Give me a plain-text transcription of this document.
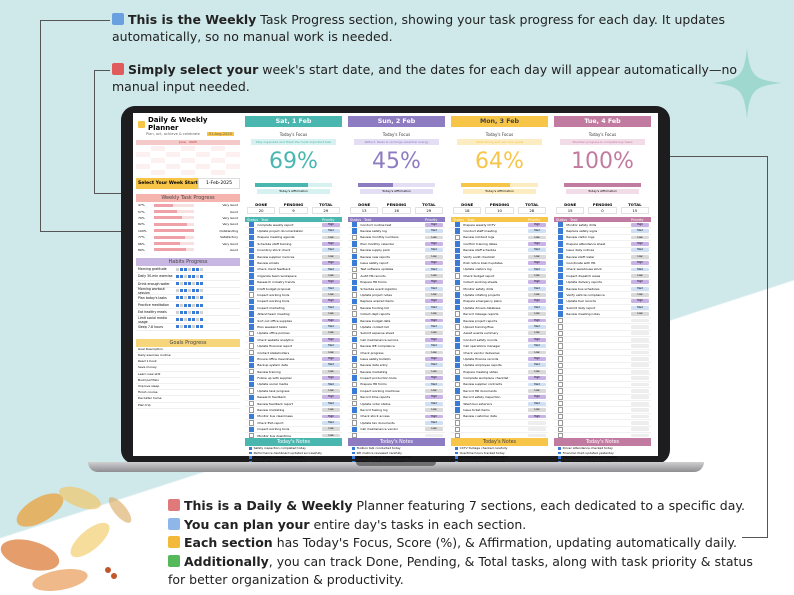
This is the Weekly Task Progress section, showing your task progress for each day. It updates automatically, so no manual work is needed.
Simply select your week's start date, and the dates for each day will appear automatically—no manual input needed.
Daily & Weekly Planner
Plan, act, achieve & celebrate	01-Aug-2025
June 2025
Select Your Week Start	1-Feb-2025
Weekly Task Progress
47%	Very Good
57%	Good
70%	Very Good
82%	Very Good
100%	Outstanding
77%	Satisfactory
66%	Very Good
80%	Good
Habits Progress
Morning gratitude
Daily 30-min exercise
Drink enough water
Morning workout session
Plan today's tasks
Practice meditation
Eat healthy meals
Limit social media usage
Sleep 7-8 hours
Goals Progress
Goal Description
Daily exercise routine
Read 1 book
Save money
Learn new skill
Build portfolio
Improve sleep
Finish course
Declutter home
Plan trip
Sat, 1 Feb
Today's Focus
Stay organized and finish the most important task
69%
Today's Affirmation
DONE	PENDING	TOTAL
20	9	29
Status Task	Priority
Complete weekly report	High
Update project documentation	Med
Prepare meeting agenda	Low
Schedule staff training	High
Inventory stock check	Med
Review supplier invoices	Low
Review emails	High
Check client feedback	Med
Organize team workspace	Low
Research industry trends	High
Draft budget proposal	Med
Inspect working tools	Low
Inspect working tools	High
Inspect marketing	Med
Attend team meeting	Low
Sort out office supplies	High
Plan weekend tasks	Med
Update office policies	Low
Check website analytics	High
Update financial report	Med
Contact stakeholders	Low
Ensure office cleanliness	High
Backup system data	Med
Review training	Low
Follow up with supplier	High
Update social media	Med
Update task progress	Low
Research feedback	High
Review feedback report	Med
Review marketing	Low
Monitor bus cleanliness	High
Check EVA report	Med
Inspect working tools	Low
Monitor bus downtime	Low
Today's Notes
Safety inspection completed today
Performance dashboard updated successfully
Training plan reviewed thoroughly
Sun, 2 Feb
Today's Focus
Reflect, Relax & recharge essential energy
45%
Today's Affirmation
DONE	PENDING	TOTAL
13	16	29
Status Task	Priority
Conduct routine test	High
Review safety log	Med
Review monthly numbers	Low
Plan monthly calendar	High
Review supply pack	Med
Review new reports	Low
Issue safety report	High
Test software updates	Med
Audit HR records	Low
Prepare HR forms	High
Schedule event logistics	Med
Update project notes	Low
Replace expired items	High
Review funding list	Med
Collect dept reports	Low
Review budget data	High
Update contact list	Med
Submit expense sheet	Low
Call maintenance service	High
Review IPE compliance	Med
Check progress	Low
Issue safety bulletin	High
Review data entry	Med
Review marketing	Low
Inspect production tools	High
Prepare HR forms	Med
Inspect working machines	Low
Record time reports	High
Update order status	Med
Record fueling log	Low
Check stock access	High
Update tax documents	Med
Call maintenance vendor	Low
Today's Notes
Toolbox talk conducted today
KPI metrics reviewed carefully
Training content drafted successfully
Mon, 3 Feb
Today's Focus
Start strong and set clear goals
64%
Today's Affirmation
DONE	PENDING	TOTAL
18	10	28
Status Task	Priority
Prepare weekly CCTV	High
Conduct staff meeting	Med
Review incident logs	Low
Confirm training dates	High
Review staff schedule	Med
Verify audit checklist	Low
Post notice board updates	High
Update visitors log	Med
Check budget report	Low
Collect working sheets	High
Monitor safety drills	Med
Update rotating projects	Low
Prepare emergency plans	High
Update drivers database	Med
Record mileage reports	Low
Review project reports	High
Upload training files	Med
Assist events summary	Low
Conduct safety rounds	High
Call operations manager	Med
Check vendor deliveries	Low
Update finance records	High
Update employee reports	Med
Prepare meeting slides	Low
Complete workplace checklist	High
Review supplier contracts	Med
Record HR documents	Low
Record safety inspection	High
Wash bus exteriors	Med
Issue ticket items	Low
Review customer data	High
Today's Notes
CCTV footage checked carefully
Overtime hours tracked today
Incident log updated thoroughly
Tue, 4 Feb
Today's Focus
Maintain progress & complete key tasks
100%
Today's Affirmation
DONE	PENDING	TOTAL
15	0	15
Status Task	Priority
Monitor safety drills	High
Replace safety signs	Med
Review visitor logs	Low
Prepare attendance sheet	High
Issue daily notices	Med
Review staff roster	Low
Coordinate with HR	High
Check warehouse stock	Med
Inspect dispatch areas	Low
Update delivery reports	High
Review bus schedules	Med
Verify vehicle compliance	Low
Update fuel records	High
Submit daily report	Med
Review meeting notes	Low
Today's Notes
Driver attendance checked today
Financial chart updated yesterday
Training plans prepared successfully
This is a Daily & Weekly Planner featuring 7 sections, each dedicated to a specific day.
You can plan your entire day's tasks in each section.
Each section has Today's Focus, Score (%), & Affirmation, updating automatically daily.
Additionally, you can track Done, Pending, & Total tasks, along with task priority & status for better organization & productivity.
